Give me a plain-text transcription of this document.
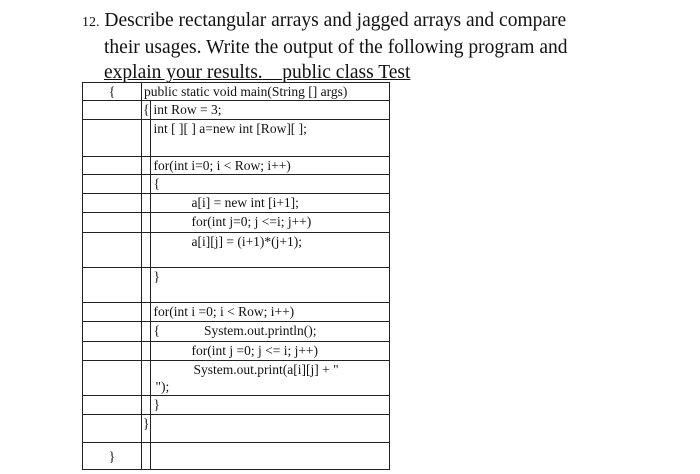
12. Describe rectangular arrays and jagged arrays and compare
their usages. Write the output of the following program and
explain your results. public class Test
{	public static void main(String [] args)	
	{	int Row = 3;
		int [ ][ ] a=new int [Row][ ];
		for(int i=0; i < Row; i++)
		{
		a[i] = new int [i+1];
		for(int j=0; j <=i; j++)
		a[i][j] = (i+1)*(j+1);
		}
		for(int i =0; i < Row; i++)
		{ System.out.println();
		for(int j =0; j <= i; j++)

		System.out.print(a[i][j] + "
");

		}
	}	
}		
